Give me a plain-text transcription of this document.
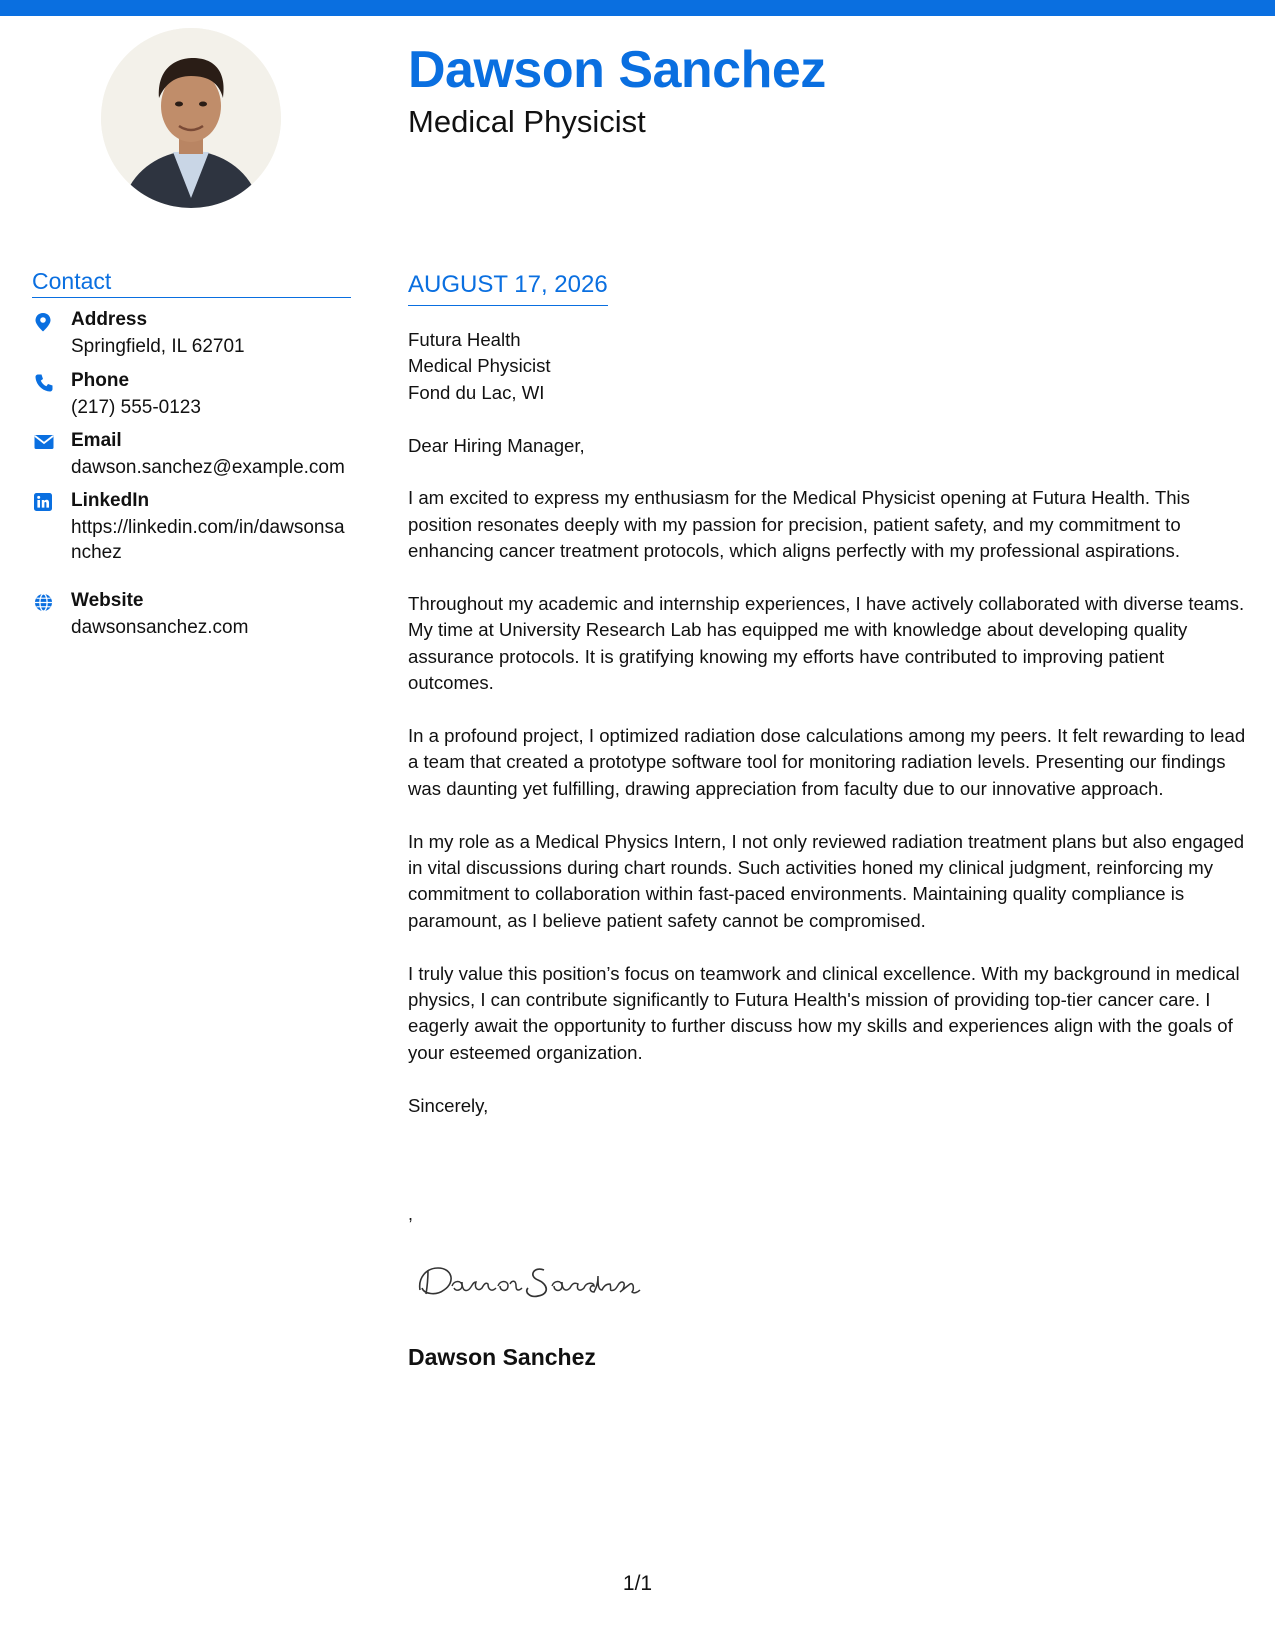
Dawson Sanchez
Medical Physicist
Contact
Address
Springfield, IL 62701
Phone
(217) 555-0123
Email
dawson.sanchez@example.com
LinkedIn
https://linkedin.com/in/dawsonsanchez
Website
dawsonsanchez.com
AUGUST 17, 2026

Futura Health
Medical Physicist
Fond du Lac, WI

Dear Hiring Manager,

I am excited to express my enthusiasm for the Medical Physicist opening at Futura Health. This position resonates deeply with my passion for precision, patient safety, and my commitment to enhancing cancer treatment protocols, which aligns perfectly with my professional aspirations.

Throughout my academic and internship experiences, I have actively collaborated with diverse teams. My time at University Research Lab has equipped me with knowledge about developing quality assurance protocols. It is gratifying knowing my efforts have contributed to improving patient outcomes.

In a profound project, I optimized radiation dose calculations among my peers. It felt rewarding to lead a team that created a prototype software tool for monitoring radiation levels. Presenting our findings was daunting yet fulfilling, drawing appreciation from faculty due to our innovative approach.

In my role as a Medical Physics Intern, I not only reviewed radiation treatment plans but also engaged in vital discussions during chart rounds. Such activities honed my clinical judgment, reinforcing my commitment to collaboration within fast-paced environments. Maintaining quality compliance is paramount, as I believe patient safety cannot be compromised.

I truly value this position’s focus on teamwork and clinical excellence. With my background in medical physics, I can contribute significantly to Futura Health's mission of providing top-tier cancer care. I eagerly await the opportunity to further discuss how my skills and experiences align with the goals of your esteemed organization.

Sincerely,

,
Dawson Sanchez
1/1
